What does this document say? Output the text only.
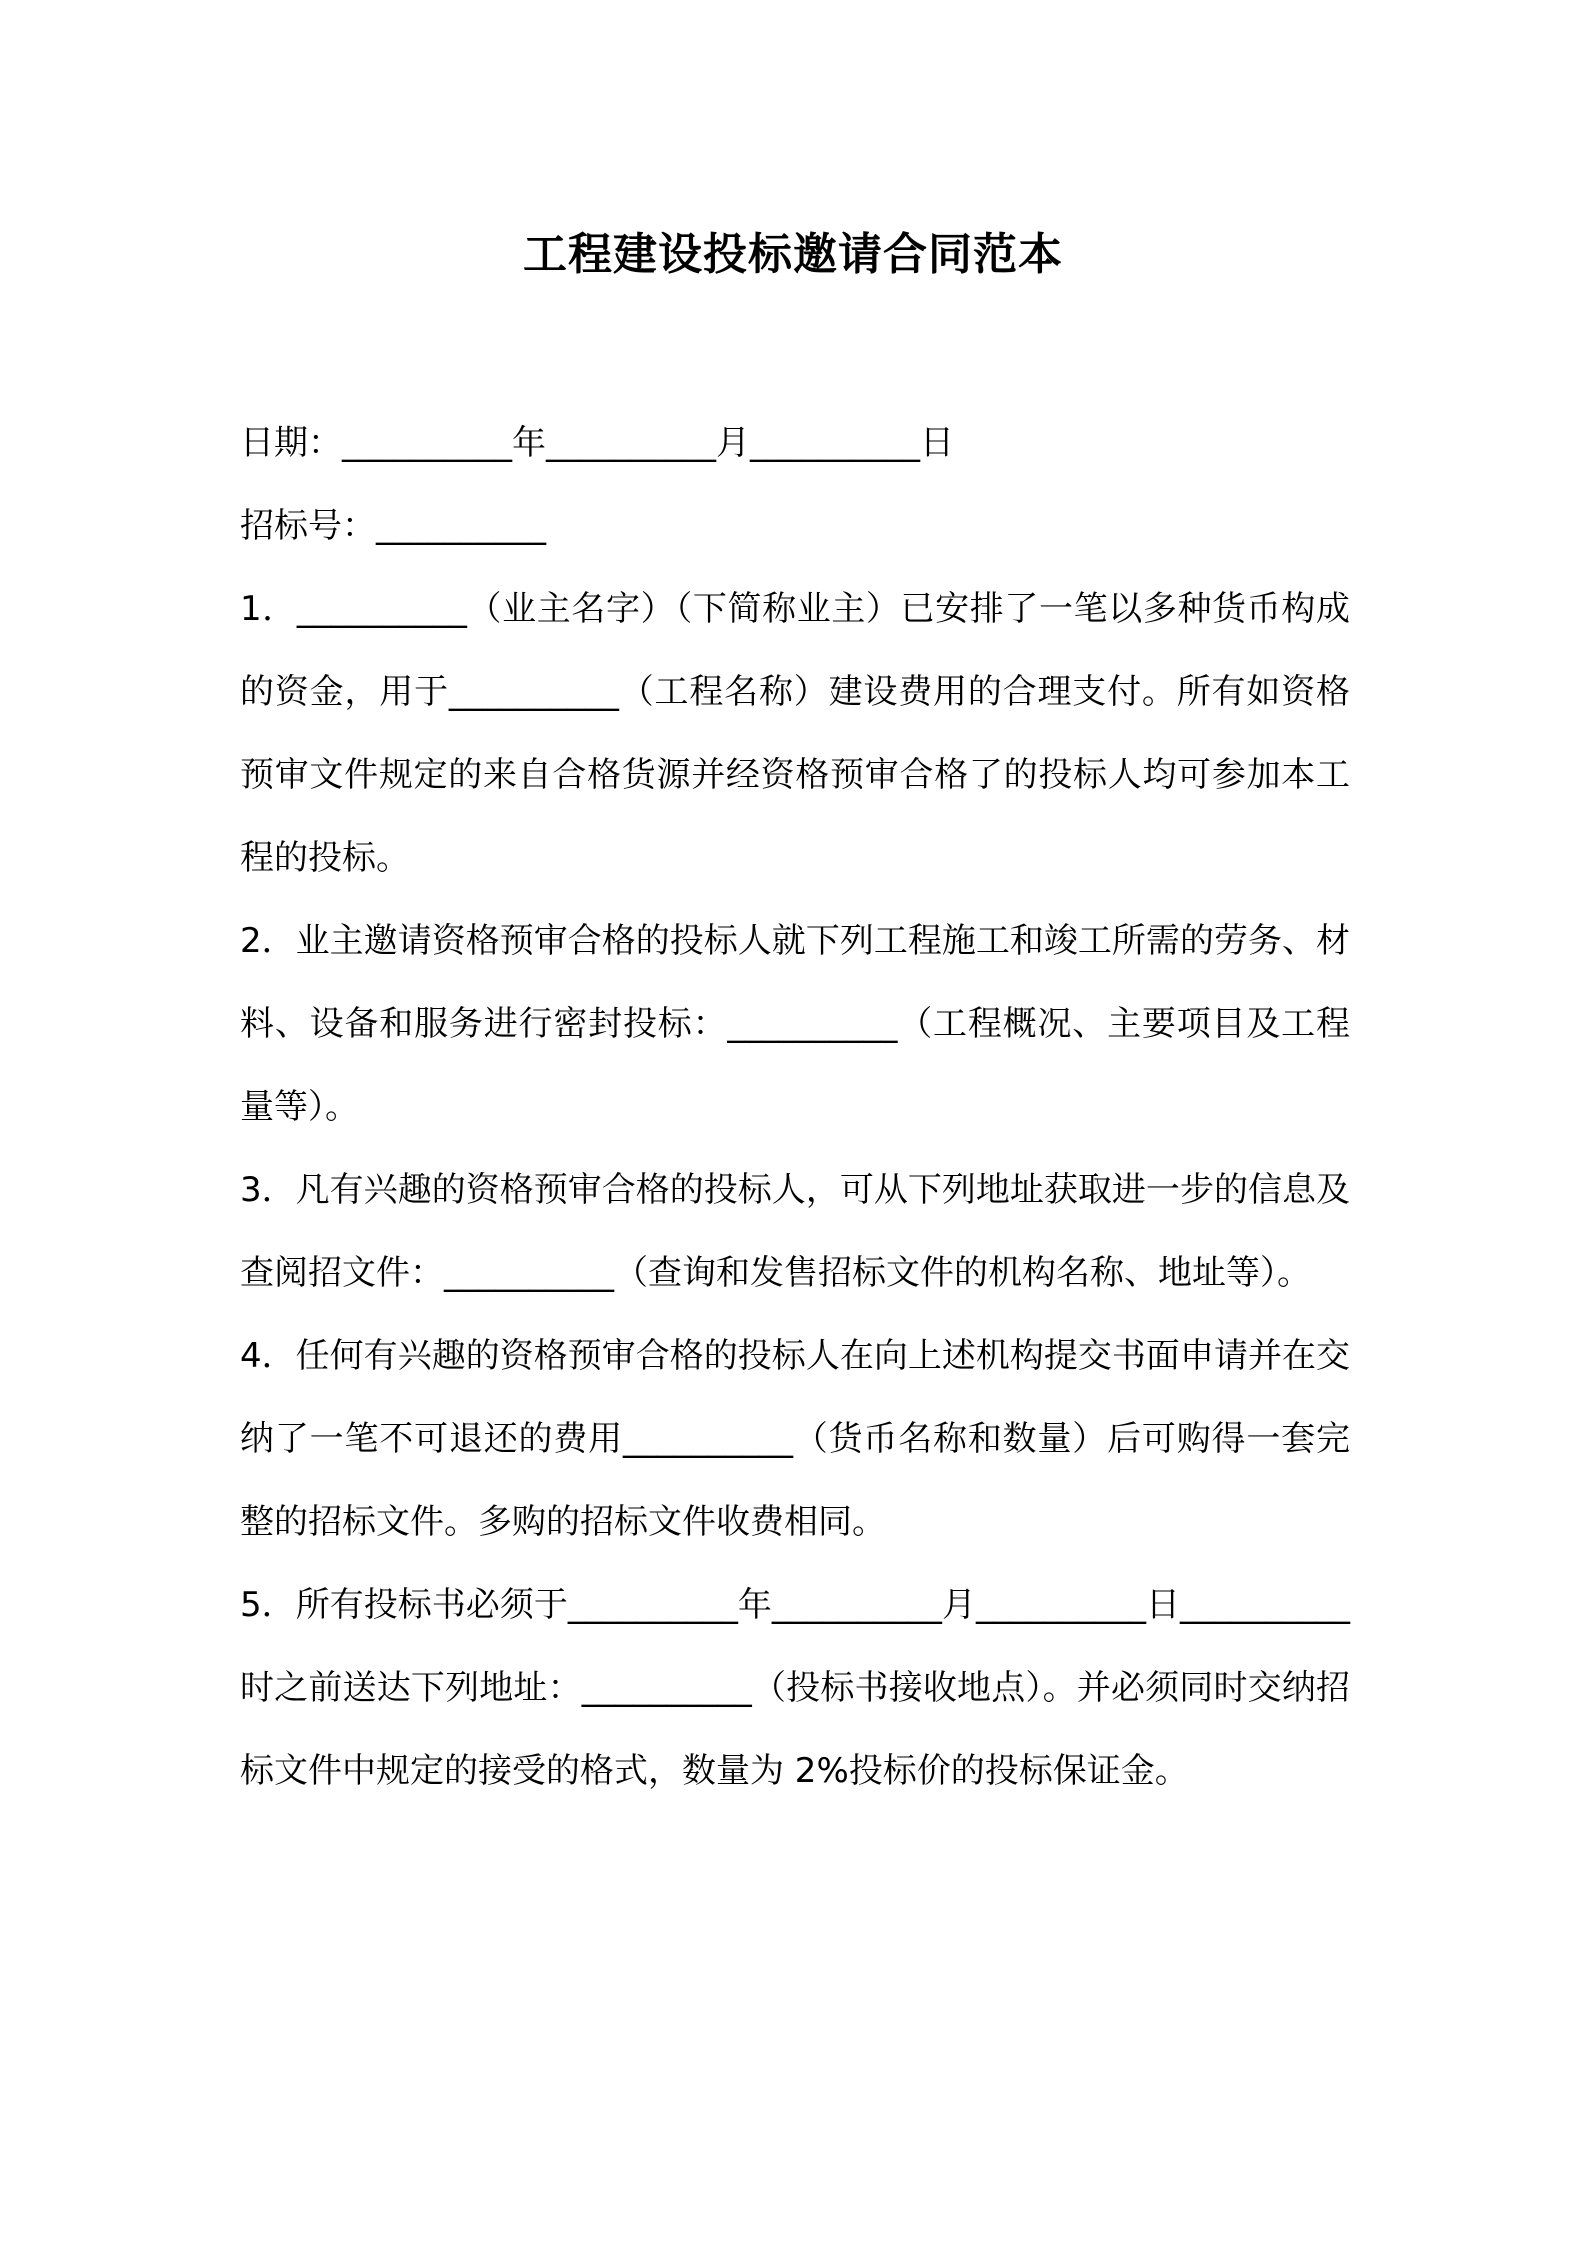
工程建设投标邀请合同范本

日期：__________年__________月__________日

招标号：__________

1．__________（业主名字）（下简称业主）已安排了一笔以多种货币构成的资金，用于__________（工程名称）建设费用的合理支付。所有如资格预审文件规定的来自合格货源并经资格预审合格了的投标人均可参加本工程的投标。

2．业主邀请资格预审合格的投标人就下列工程施工和竣工所需的劳务、材料、设备和服务进行密封投标：__________（工程概况、主要项目及工程量等）。

3．凡有兴趣的资格预审合格的投标人，可从下列地址获取进一步的信息及查阅招文件：__________（查询和发售招标文件的机构名称、地址等）。

4．任何有兴趣的资格预审合格的投标人在向上述机构提交书面申请并在交纳了一笔不可退还的费用__________（货币名称和数量）后可购得一套完整的招标文件。多购的招标文件收费相同。

5．所有投标书必须于__________年__________月__________日__________时之前送达下列地址：__________（投标书接收地点）。并必须同时交纳招标文件中规定的接受的格式，数量为 2%投标价的投标保证金。
